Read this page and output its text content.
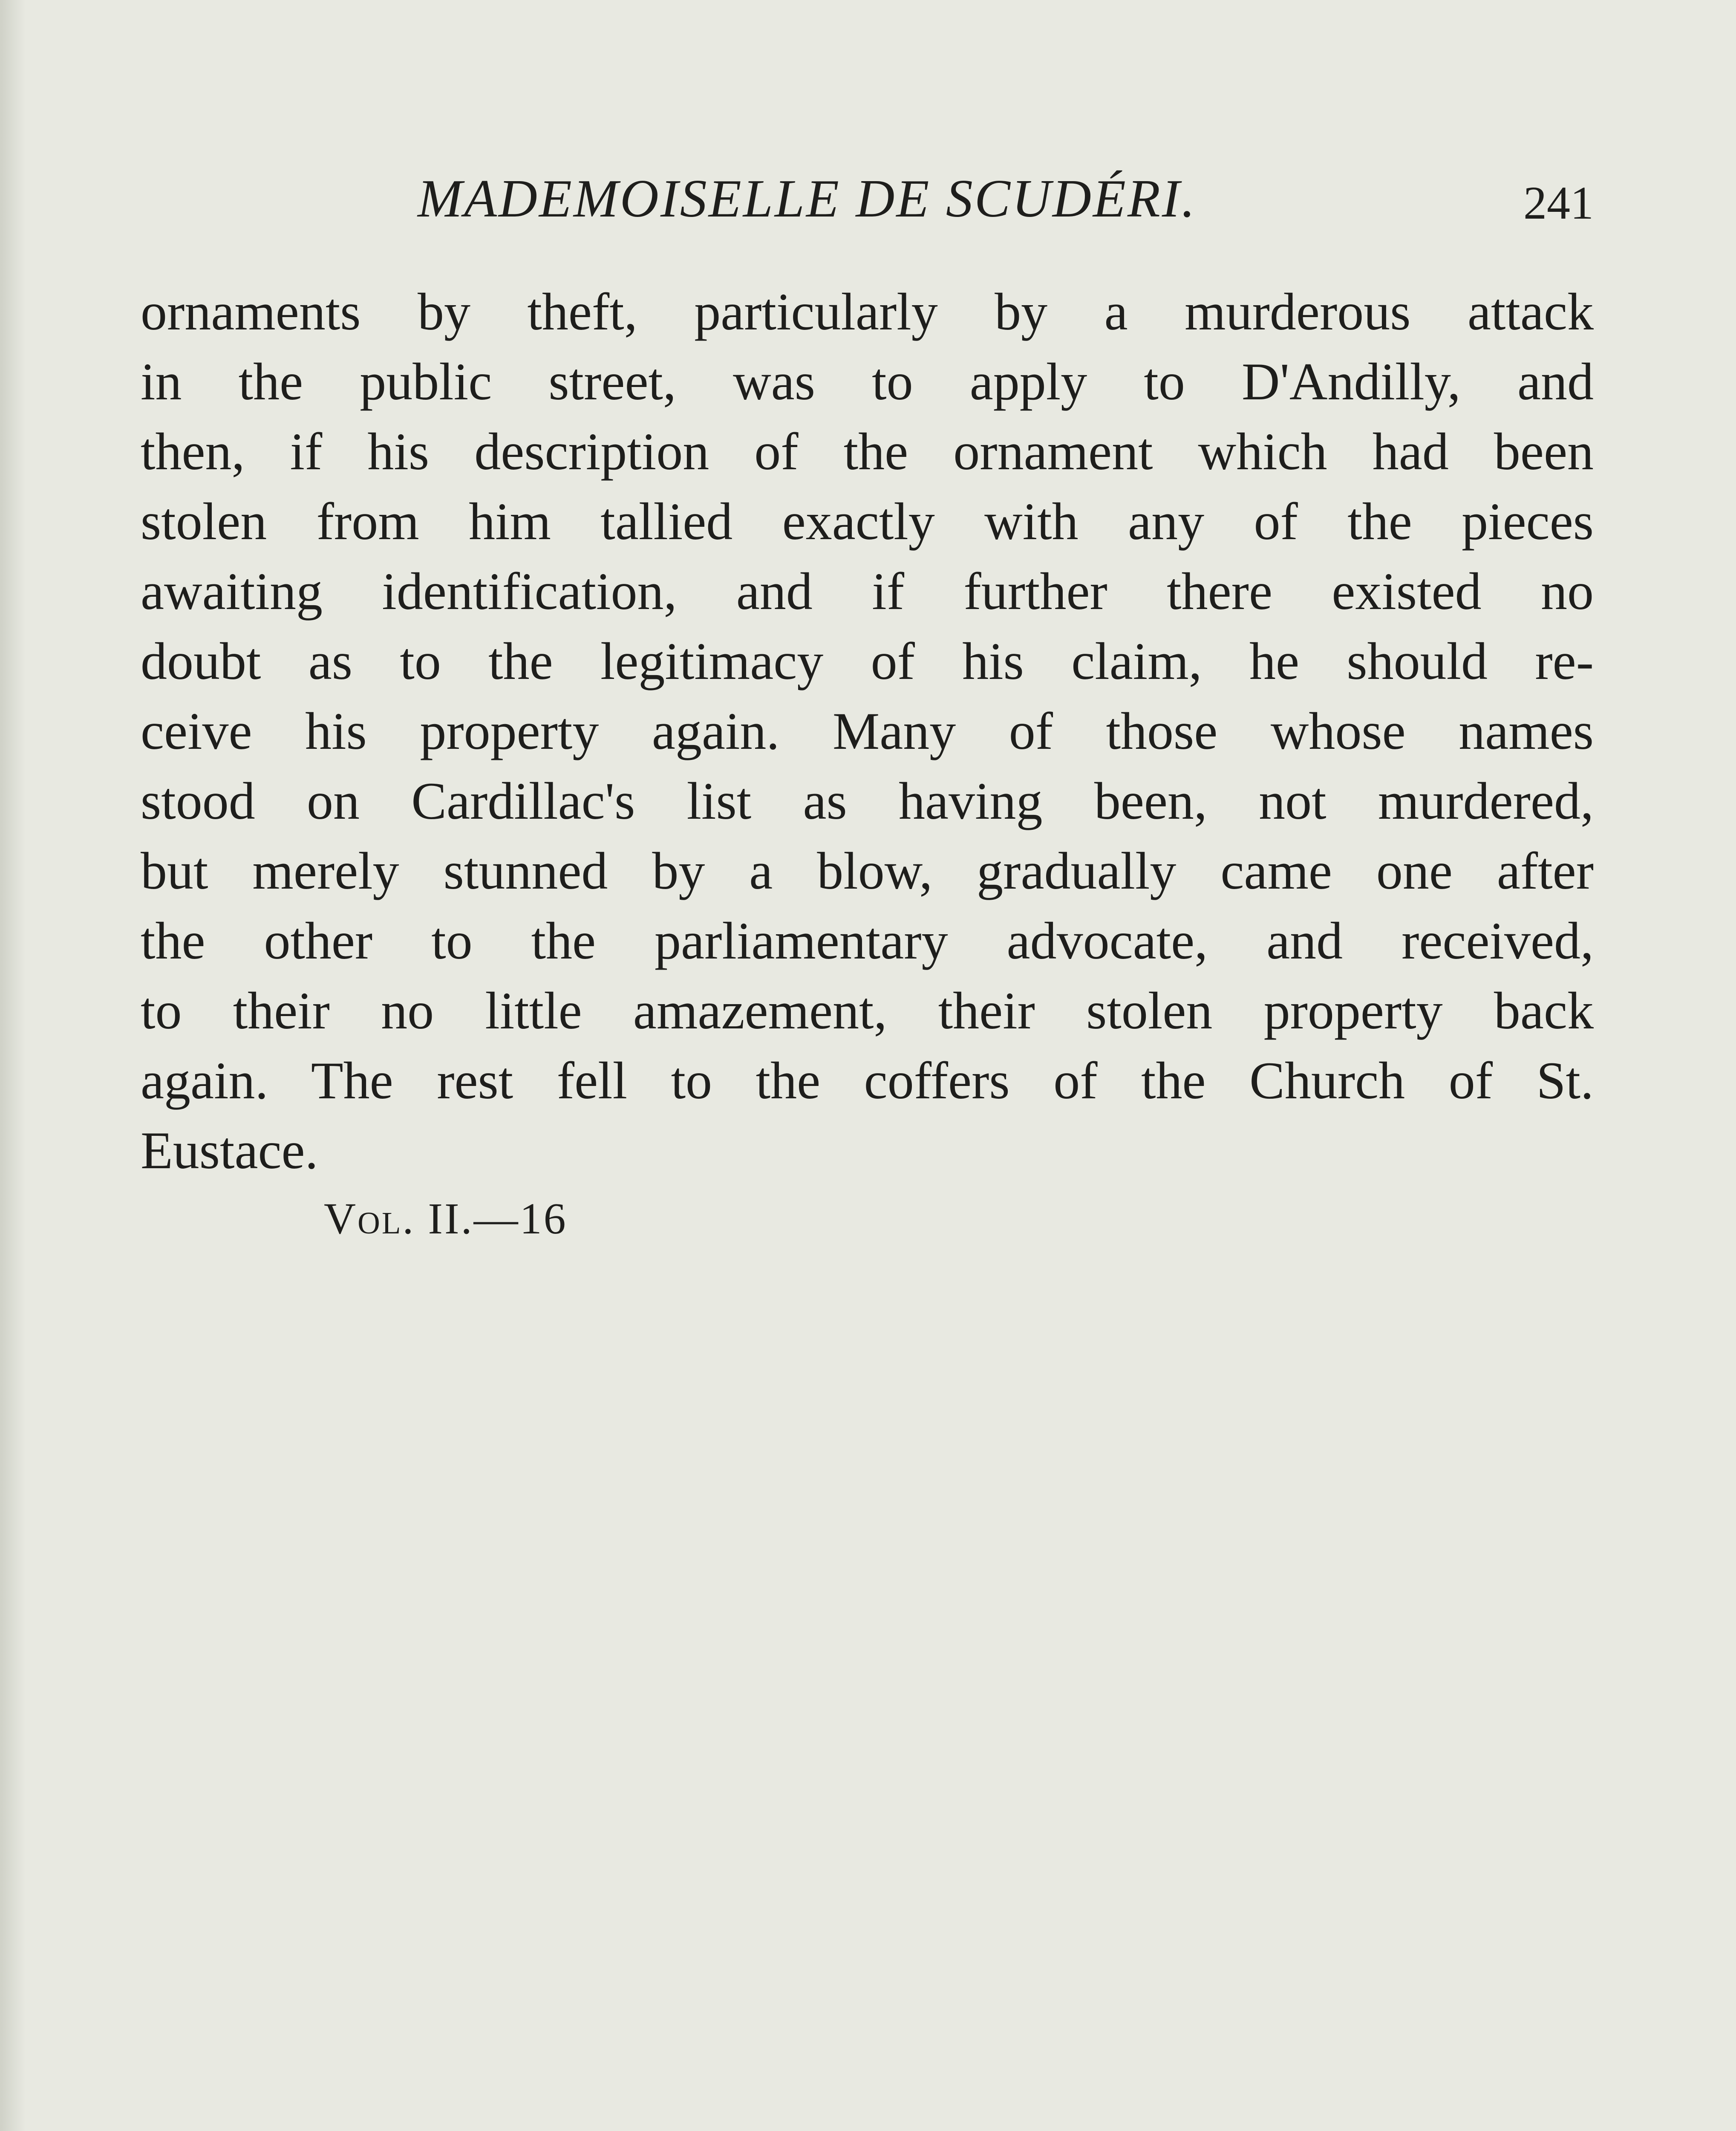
MADEMOISELLE DE SCUDÉRI.	241
ornaments by theft, particularly by a murderous attack
in the public street, was to apply to D'Andilly, and
then, if his description of the ornament which had been
stolen from him tallied exactly with any of the pieces
awaiting identification, and if further there existed no
doubt as to the legitimacy of his claim, he should re-
ceive his property again. Many of those whose names
stood on Cardillac's list as having been, not murdered,
but merely stunned by a blow, gradually came one after
the other to the parliamentary advocate, and received,
to their no little amazement, their stolen property back
again. The rest fell to the coffers of the Church of St.
Eustace.
Vol. II.—16
